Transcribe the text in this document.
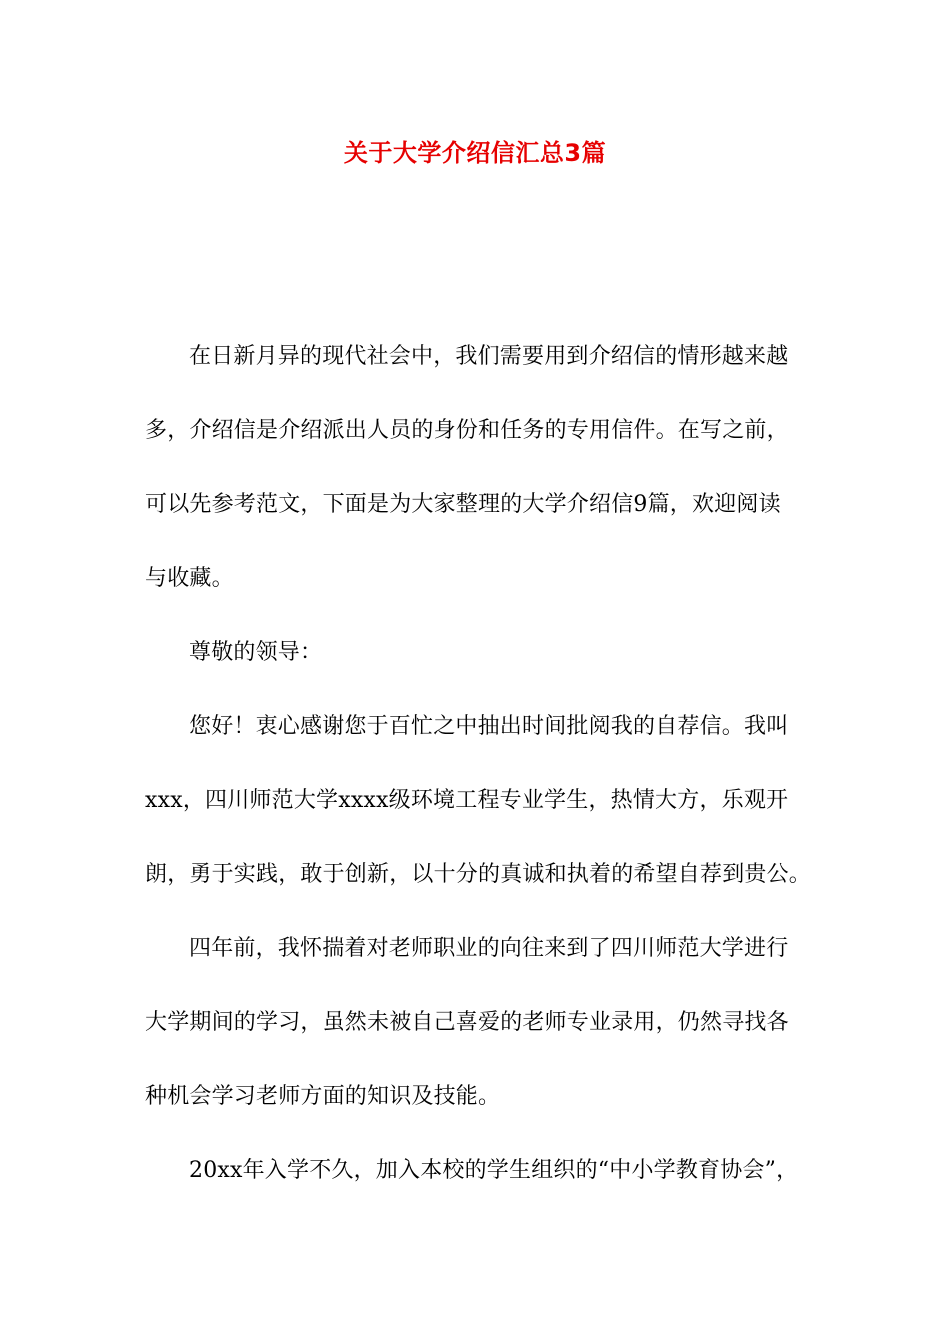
关于大学介绍信汇总3篇

在日新月异的现代社会中，我们需要用到介绍信的情形越来越
多，介绍信是介绍派出人员的身份和任务的专用信件。在写之前，
可以先参考范文，下面是为大家整理的大学介绍信9篇，欢迎阅读
与收藏。

尊敬的领导：

您好！衷心感谢您于百忙之中抽出时间批阅我的自荐信。我叫
xxx，四川师范大学xxxx级环境工程专业学生，热情大方，乐观开
朗，勇于实践，敢于创新，以十分的真诚和执着的希望自荐到贵公。

四年前，我怀揣着对老师职业的向往来到了四川师范大学进行
大学期间的学习，虽然未被自己喜爱的老师专业录用，仍然寻找各
种机会学习老师方面的知识及技能。

20xx年入学不久，加入本校的学生组织的“中小学教育协会”，
